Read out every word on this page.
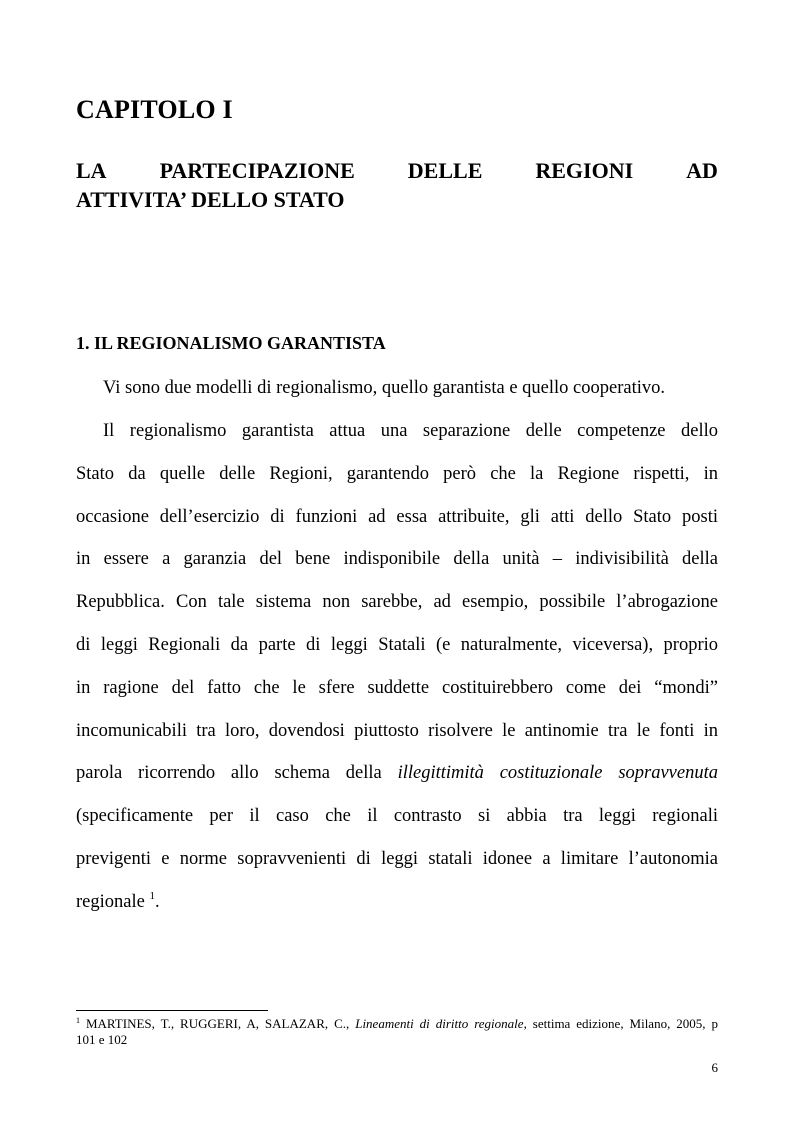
CAPITOLO I
LA PARTECIPAZIONE DELLE REGIONI AD
ATTIVITA’ DELLO STATO
1. IL REGIONALISMO GARANTISTA

Vi sono due modelli di regionalismo, quello garantista e quello cooperativo.

Il regionalismo garantista attua una separazione delle competenze dello
Stato da quelle delle Regioni, garantendo però che la Regione rispetti, in
occasione dell’esercizio di funzioni ad essa attribuite, gli atti dello Stato posti
in essere a garanzia del bene indisponibile della unità – indivisibilità della
Repubblica. Con tale sistema non sarebbe, ad esempio, possibile l’abrogazione
di leggi Regionali da parte di leggi Statali (e naturalmente, viceversa), proprio
in ragione del fatto che le sfere suddette costituirebbero come dei “mondi”
incomunicabili tra loro, dovendosi piuttosto risolvere le antinomie tra le fonti in
parola ricorrendo allo schema della illegittimità costituzionale sopravvenuta
(specificamente per il caso che il contrasto si abbia tra leggi regionali
previgenti e norme sopravvenienti di leggi statali idonee a limitare l’autonomia
regionale $^1$.

$^1$ MARTINES, T., RUGGERI, A, SALAZAR, C., Lineamenti di diritto regionale, settima edizione, Milano, 2005, p
101 e 102

6
